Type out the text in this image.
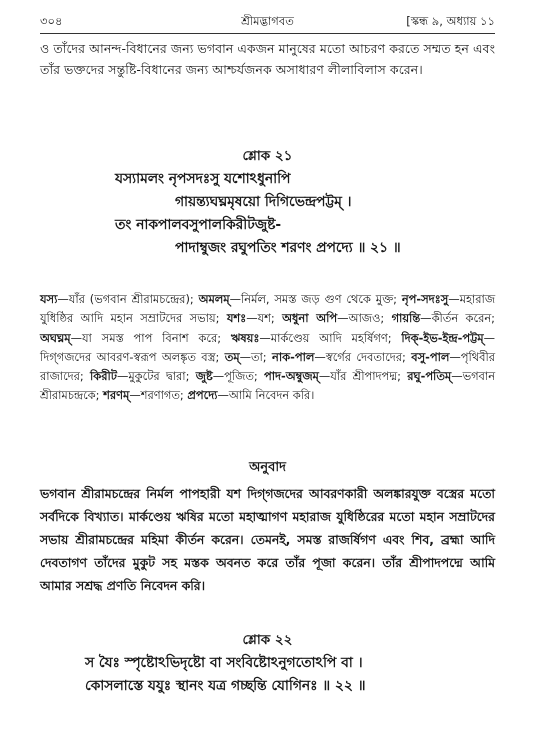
৩০৪	শ্রীমদ্ভাগবত	[স্কন্ধ ৯, অধ্যায় ১১

ও তাঁদের আনন্দ-বিধানের জন্য ভগবান একজন মানুষের মতো আচরণ করতে সম্মত হন এবং তাঁর ভক্তদের সন্তুষ্টি-বিধানের জন্য আশ্চর্যজনক অসাধারণ লীলাবিলাস করেন।

শ্লোক ২১
যস্যামলং নৃপসদঃসু যশোঽধুনাপি
গায়ন্ত্যঘঘ্নমৃষয়ো দিগিভেন্দ্রপট্টম্ ।
তং নাকপালবসুপালকিরীটজুষ্ট-
পাদাম্বুজং রঘুপতিং শরণং প্রপদ্যে ॥ ২১ ॥
যস্য—যাঁর (ভগবান শ্রীরামচন্দ্রের); অমলম্—নির্মল, সমস্ত জড় গুণ থেকে মুক্ত; নৃপ-সদঃসু—মহারাজ যুধিষ্ঠির আদি মহান সম্রাটদের সভায়; যশঃ—যশ; অধুনা অপি—আজও; গায়ন্তি—কীর্তন করেন; অঘঘ্নম্—যা সমস্ত পাপ বিনাশ করে; ঋষয়ঃ—মার্কণ্ডেয় আদি মহর্ষিগণ; দিক্-ইভ-ইন্দ্র-পট্টম্—দিগ্‌গজদের আবরণ-স্বরূপ অলঙ্কৃত বস্ত্র; তম্—তা; নাক-পাল—স্বর্গের দেবতাদের; বসু-পাল—পৃথিবীর রাজাদের; কিরীট—মুকুটের দ্বারা; জুষ্ট—পূজিত; পাদ-অম্বুজম্—যাঁর শ্রীপাদপদ্ম; রঘু-পতিম্—ভগবান শ্রীরামচন্দ্রকে; শরণম্—শরণাগত; প্রপদ্যে—আমি নিবেদন করি।
অনুবাদ
ভগবান শ্রীরামচন্দ্রের নির্মল পাপহারী যশ দিগ্‌গজদের আবরণকারী অলঙ্কারযুক্ত বস্ত্রের মতো সর্বদিকে বিখ্যাত। মার্কণ্ডেয় ঋষির মতো মহাত্মাগণ মহারাজ যুধিষ্ঠিরের মতো মহান সম্রাটদের সভায় শ্রীরামচন্দ্রের মহিমা কীর্তন করেন। তেমনই, সমস্ত রাজর্ষিগণ এবং শিব, ব্রহ্মা আদি দেবতাগণ তাঁদের মুকুট সহ মস্তক অবনত করে তাঁর পূজা করেন। তাঁর শ্রীপাদপদ্মে আমি আমার সশ্রদ্ধ প্রণতি নিবেদন করি।
শ্লোক ২২
স যৈঃ স্পৃষ্টোঽভিদৃষ্টো বা সংবিষ্টোঽনুগতোঽপি বা ।
কোসলাস্তে যযুঃ স্থানং যত্র গচ্ছন্তি যোগিনঃ ॥ ২২ ॥
